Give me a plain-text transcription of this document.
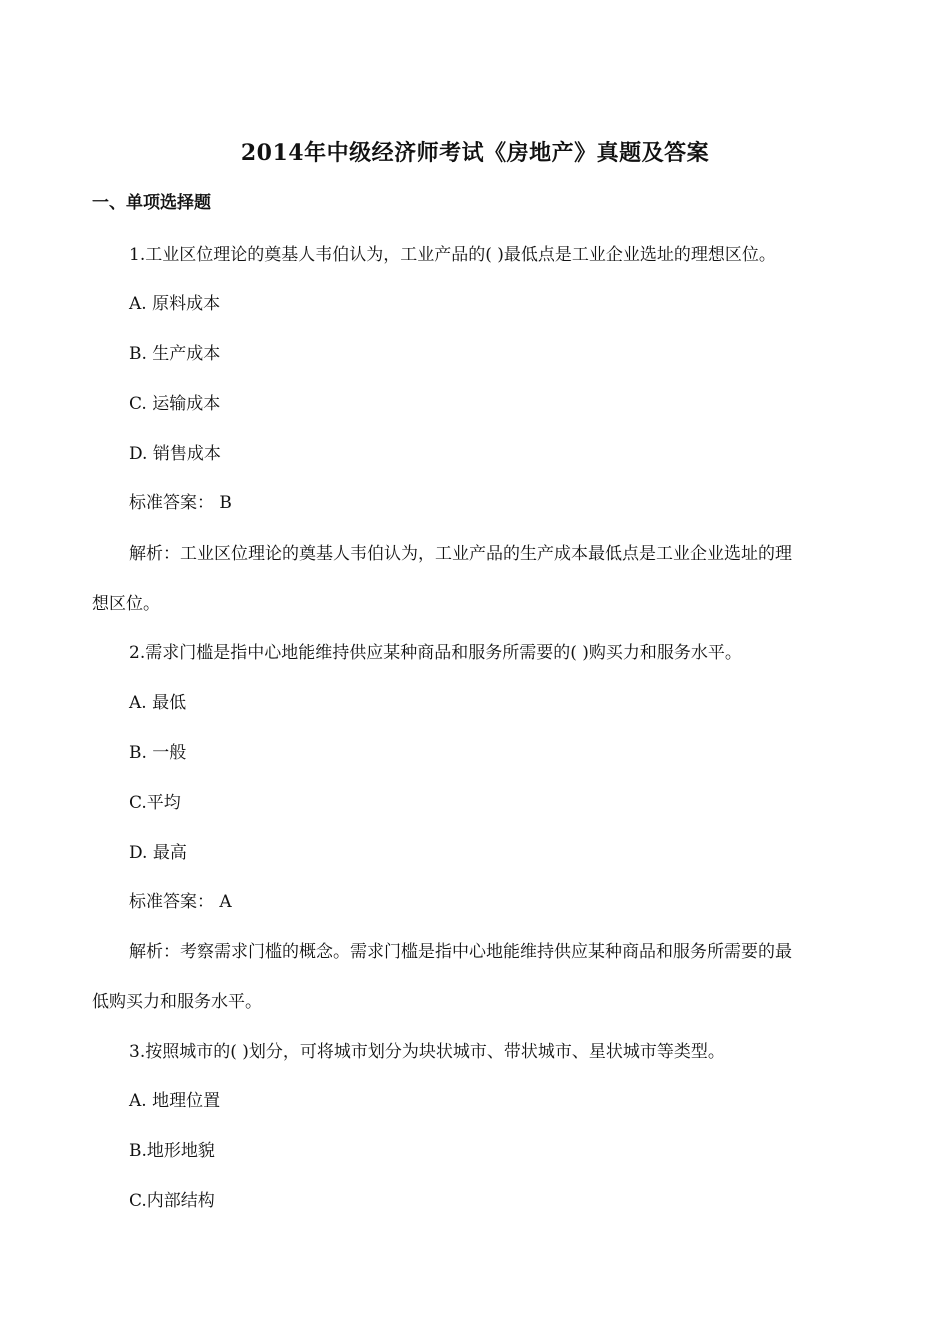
2014年中级经济师考试《房地产》真题及答案
一、单项选择题

1.工业区位理论的奠基人韦伯认为，工业产品的( )最低点是工业企业选址的理想区位。

A. 原料成本

B. 生产成本

C. 运输成本

D. 销售成本

标准答案： B

解析：工业区位理论的奠基人韦伯认为，工业产品的生产成本最低点是工业企业选址的理

想区位。

2.需求门槛是指中心地能维持供应某种商品和服务所需要的( )购买力和服务水平。

A. 最低

B. 一般

C.平均

D. 最高

标准答案： A

解析：考察需求门槛的概念。需求门槛是指中心地能维持供应某种商品和服务所需要的最

低购买力和服务水平。

3.按照城市的( )划分，可将城市划分为块状城市、带状城市、星状城市等类型。

A. 地理位置

B.地形地貌

C.内部结构
